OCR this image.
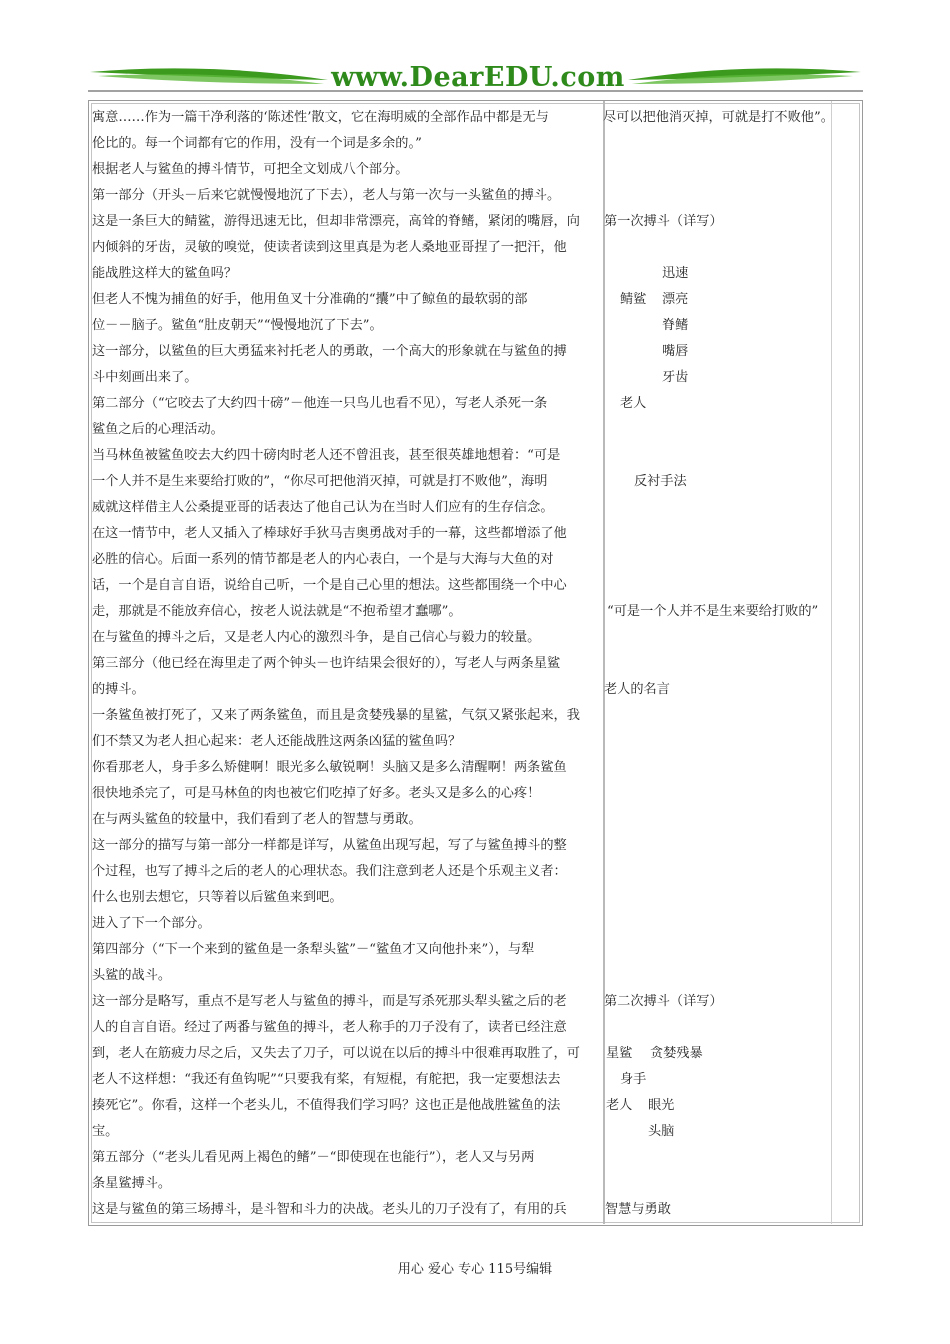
www.DearEDU.com
寓意……作为一篇干净利落的‘陈述性’散文，它在海明威的全部作品中都是无与
伦比的。每一个词都有它的作用，没有一个词是多余的。”
根据老人与鲨鱼的搏斗情节，可把全文划成八个部分。
第一部分（开头－后来它就慢慢地沉了下去），老人与第一次与一头鲨鱼的搏斗。
这是一条巨大的鲭鲨，游得迅速无比，但却非常漂亮，高耸的脊鳍，紧闭的嘴唇，向
内倾斜的牙齿，灵敏的嗅觉，使读者读到这里真是为老人桑地亚哥捏了一把汗，他
能战胜这样大的鲨鱼吗？
但老人不愧为捕鱼的好手，他用鱼叉十分准确的“攮”中了鲸鱼的最软弱的部
位－－脑子。鲨鱼“肚皮朝天”“慢慢地沉了下去”。
这一部分，以鲨鱼的巨大勇猛来衬托老人的勇敢，一个高大的形象就在与鲨鱼的搏
斗中刻画出来了。
第二部分（“它咬去了大约四十磅”－他连一只鸟儿也看不见），写老人杀死一条
鲨鱼之后的心理活动。
当马林鱼被鲨鱼咬去大约四十磅肉时老人还不曾沮丧，甚至很英雄地想着：“可是
一个人并不是生来要给打败的”，“你尽可把他消灭掉，可就是打不败他”，海明
威就这样借主人公桑提亚哥的话表达了他自己认为在当时人们应有的生存信念。
在这一情节中，老人又插入了棒球好手狄马吉奥勇战对手的一幕，这些都增添了他
必胜的信心。后面一系列的情节都是老人的内心表白，一个是与大海与大鱼的对
话，一个是自言自语，说给自己听，一个是自己心里的想法。这些都围绕一个中心
走，那就是不能放弃信心，按老人说法就是“不抱希望才蠢哪”。
在与鲨鱼的搏斗之后，又是老人内心的激烈斗争，是自己信心与毅力的较量。
第三部分（他已经在海里走了两个钟头－也许结果会很好的），写老人与两条星鲨
的搏斗。
一条鲨鱼被打死了，又来了两条鲨鱼，而且是贪婪残暴的星鲨，气氛又紧张起来，我
们不禁又为老人担心起来：老人还能战胜这两条凶猛的鲨鱼吗？
你看那老人，身手多么矫健啊！眼光多么敏锐啊！头脑又是多么清醒啊！两条鲨鱼
很快地杀完了，可是马林鱼的肉也被它们吃掉了好多。老头又是多么的心疼！
在与两头鲨鱼的较量中，我们看到了老人的智慧与勇敢。
这一部分的描写与第一部分一样都是详写，从鲨鱼出现写起，写了与鲨鱼搏斗的整
个过程，也写了搏斗之后的老人的心理状态。我们注意到老人还是个乐观主义者：
什么也别去想它，只等着以后鲨鱼来到吧。
进入了下一个部分。
第四部分（“下一个来到的鲨鱼是一条犁头鲨”－“鲨鱼才又向他扑来”），与犁
头鲨的战斗。
这一部分是略写，重点不是写老人与鲨鱼的搏斗，而是写杀死那头犁头鲨之后的老
人的自言自语。经过了两番与鲨鱼的搏斗，老人称手的刀子没有了，读者已经注意
到，老人在筋疲力尽之后，又失去了刀子，可以说在以后的搏斗中很难再取胜了，可
老人不这样想：“我还有鱼钩呢”“只要我有桨，有短棍，有舵把，我一定要想法去
揍死它”。你看，这样一个老头儿，不值得我们学习吗？这也正是他战胜鲨鱼的法
宝。
第五部分（“老头儿看见两上褐色的鳍”－“即使现在也能行”），老人又与另两
条星鲨搏斗。
这是与鲨鱼的第三场搏斗，是斗智和斗力的决战。老头儿的刀子没有了，有用的兵
尽可以把他消灭掉，可就是打不败他”。
第一次搏斗（详写）
迅速
鲭鲨 漂亮
脊鳍
嘴唇
牙齿
老人
反衬手法
“可是一个人并不是生来要给打败的”
老人的名言
第二次搏斗（详写）
星鲨 贪婪残暴
身手
老人 眼光
头脑
智慧与勇敢
用心 爱心 专心 115号编辑
